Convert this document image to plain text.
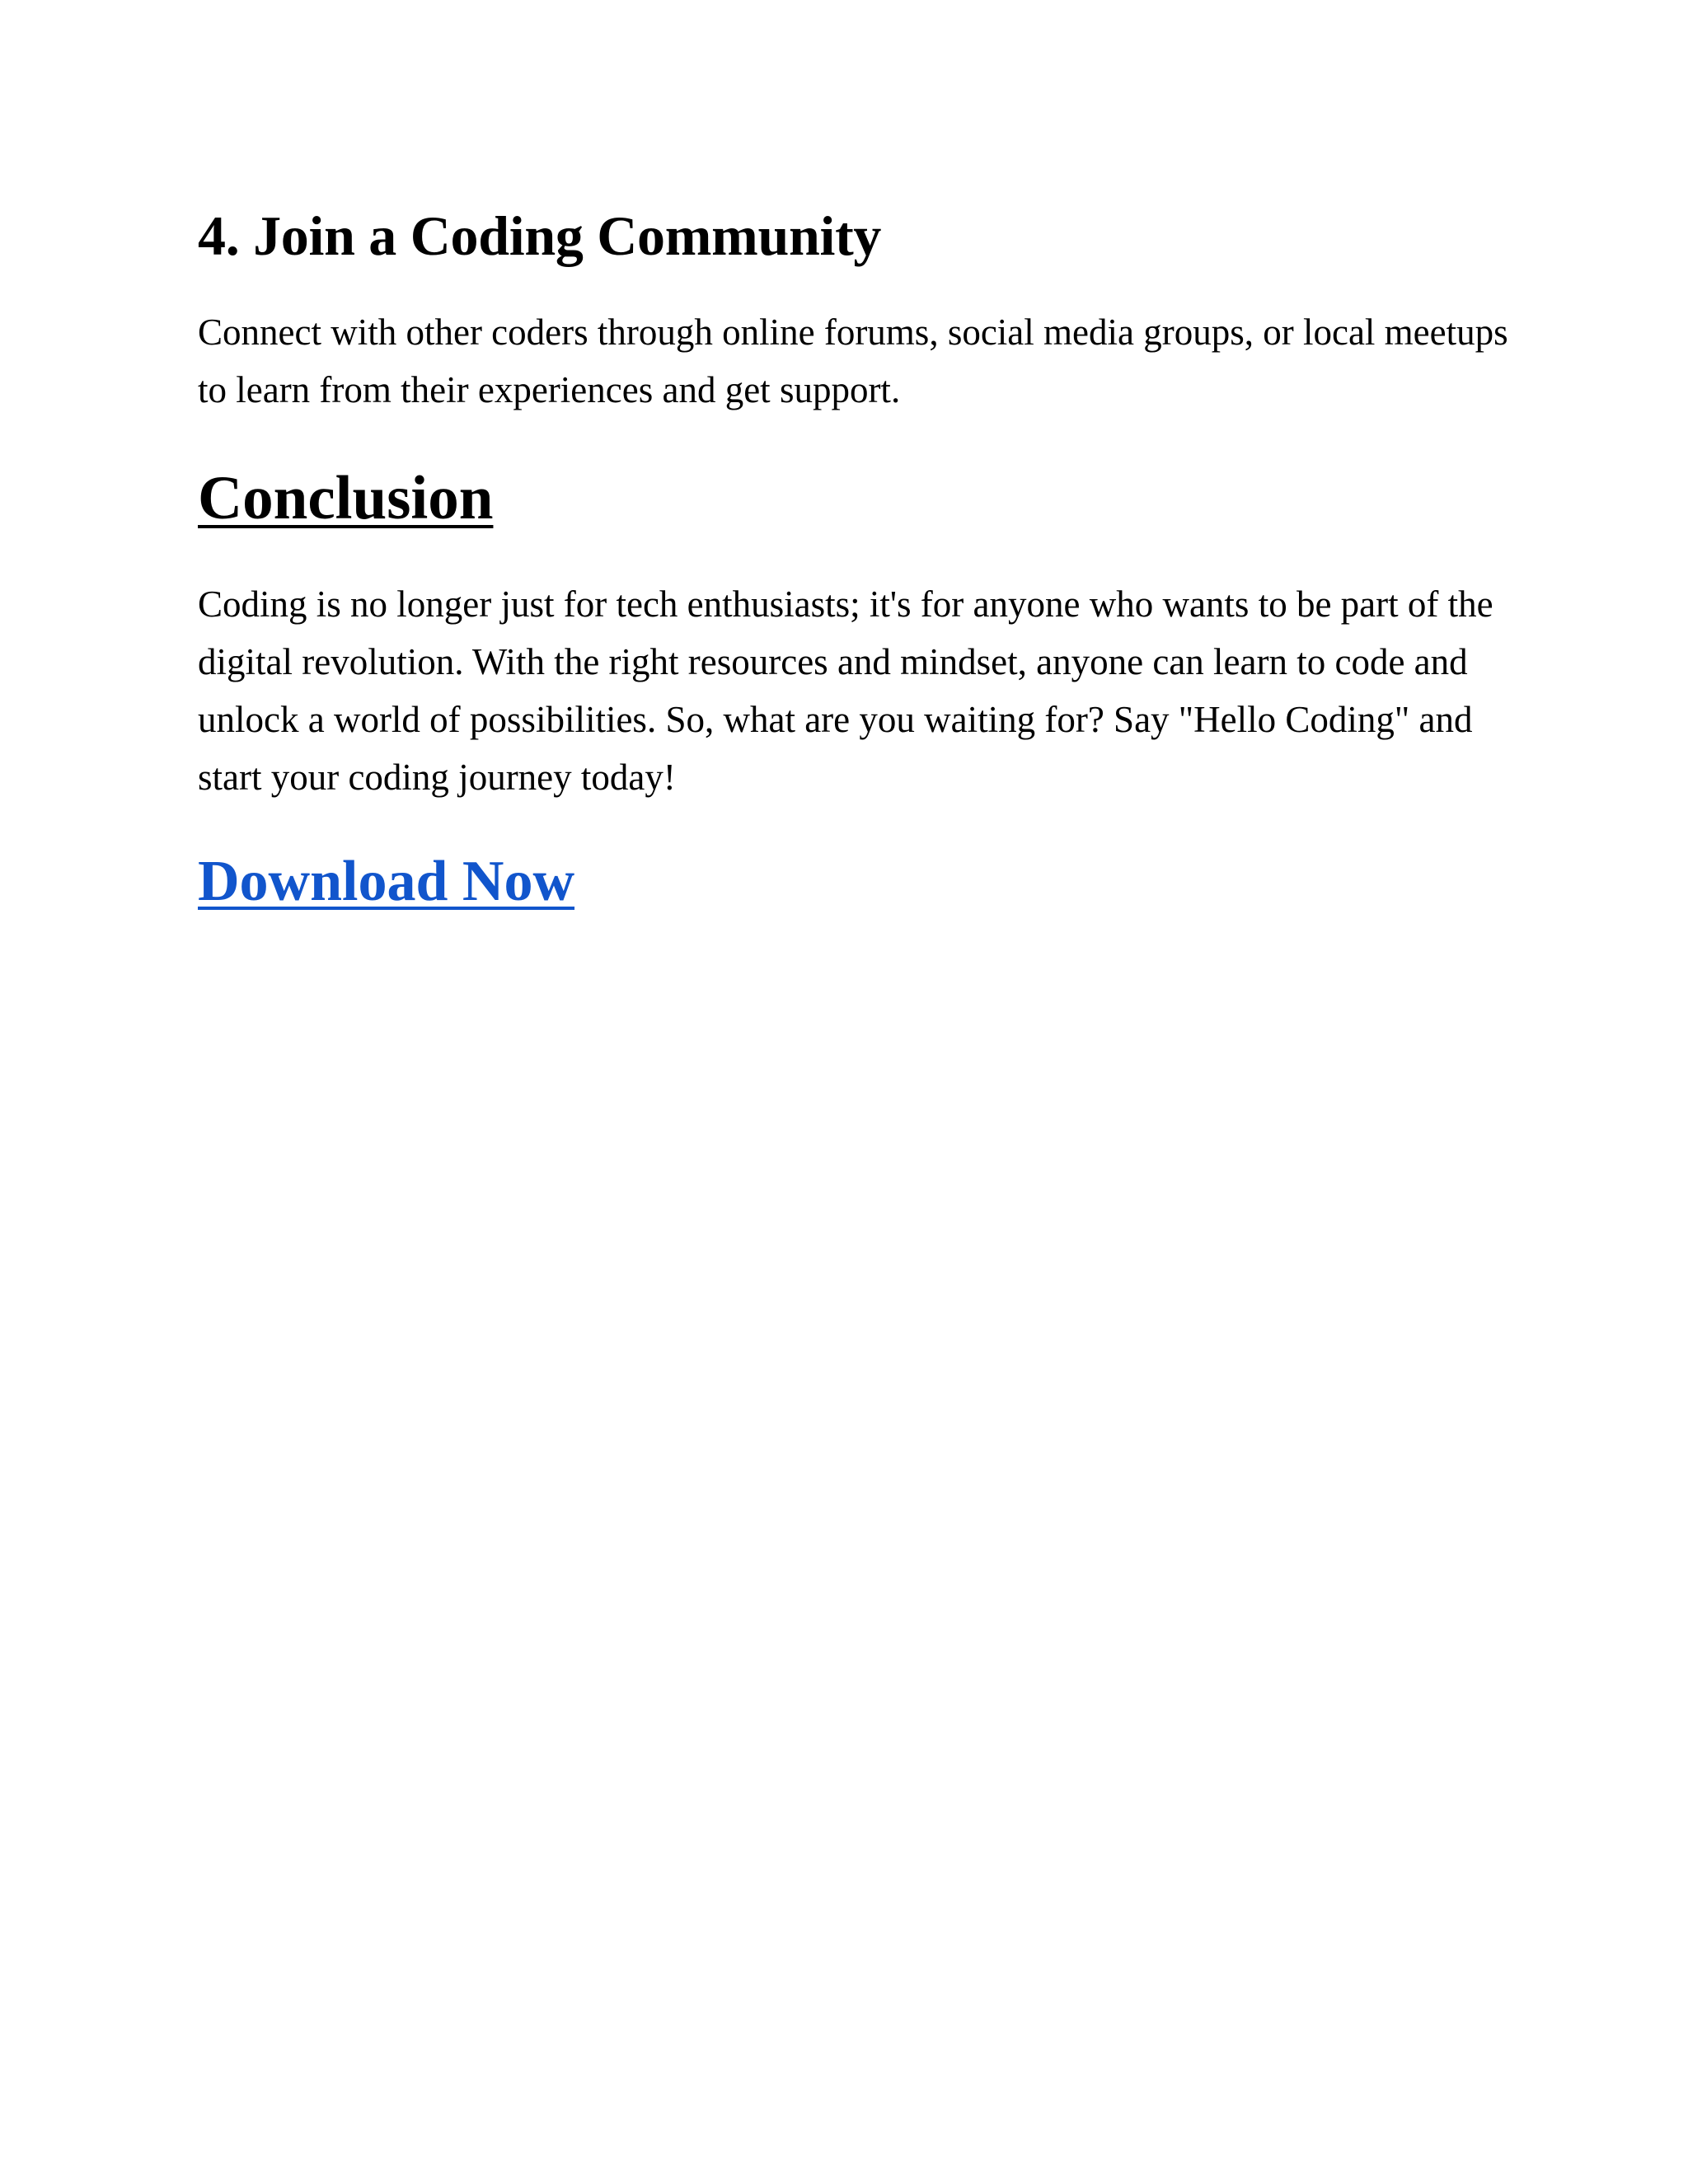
4. Join a Coding Community

Connect with other coders through online forums, social media groups, or local meetups to learn from their experiences and get support.

Conclusion

Coding is no longer just for tech enthusiasts; it's for anyone who wants to be part of the digital revolution. With the right resources and mindset, anyone can learn to code and unlock a world of possibilities. So, what are you waiting for? Say "Hello Coding" and start your coding journey today!

Download Now
